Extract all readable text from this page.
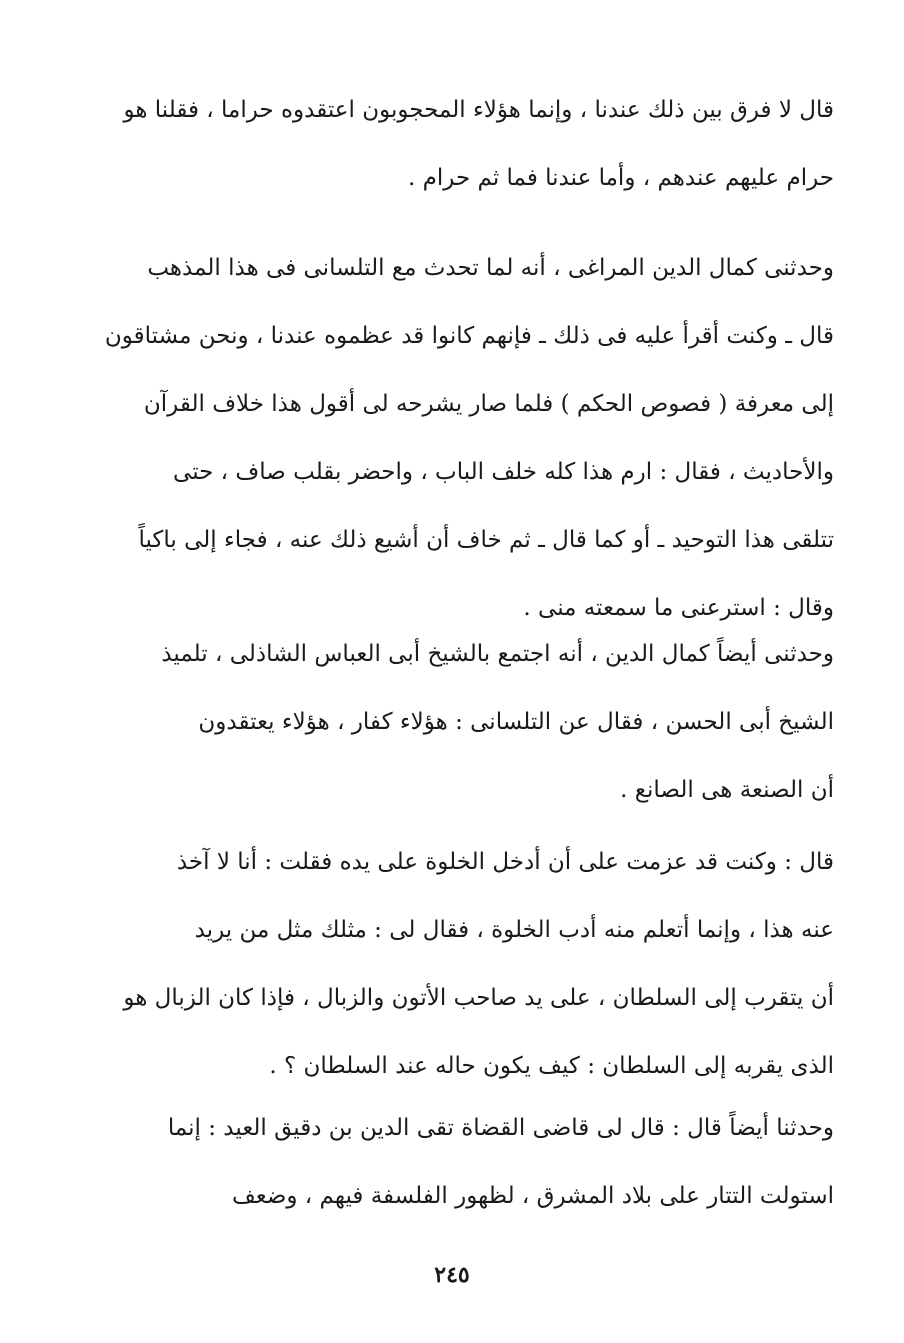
قال لا فرق بين ذلك عندنا ، وإنما هؤلاء المحجوبون اعتقدوه حراما ، فقلنا هو
حرام عليهم عندهم ، وأما عندنا فما ثم حرام .
وحدثنى كمال الدين المراغى ، أنه لما تحدث مع التلسانى فى هذا المذهب
قال ـ وكنت أقرأ عليه فى ذلك ـ فإنهم كانوا قد عظموه عندنا ، ونحن مشتاقون
إلى معرفة ( فصوص الحكم ) فلما صار يشرحه لى أقول هذا خلاف القرآن
والأحاديث ، فقال : ارم هذا كله خلف الباب ، واحضر بقلب صاف ، حتى
تتلقى هذا التوحيد ـ أو كما قال ـ ثم خاف أن أشيع ذلك عنه ، فجاء إلى باكياً
وقال : استرعنى ما سمعته منى .
وحدثنى أيضاً كمال الدين ، أنه اجتمع بالشيخ أبى العباس الشاذلى ، تلميذ
الشيخ أبى الحسن ، فقال عن التلسانى : هؤلاء كفار ، هؤلاء يعتقدون
أن الصنعة هى الصانع .
قال : وكنت قد عزمت على أن أدخل الخلوة على يده فقلت : أنا لا آخذ
عنه هذا ، وإنما أتعلم منه أدب الخلوة ، فقال لى : مثلك مثل من يريد
أن يتقرب إلى السلطان ، على يد صاحب الأتون والزبال ، فإذا كان الزبال هو
الذى يقربه إلى السلطان : كيف يكون حاله عند السلطان ؟ .
وحدثنا أيضاً قال : قال لى قاضى القضاة تقى الدين بن دقيق العيد : إنما
استولت التتار على بلاد المشرق ، لظهور الفلسفة فيهم ، وضعف
٢٤٥
